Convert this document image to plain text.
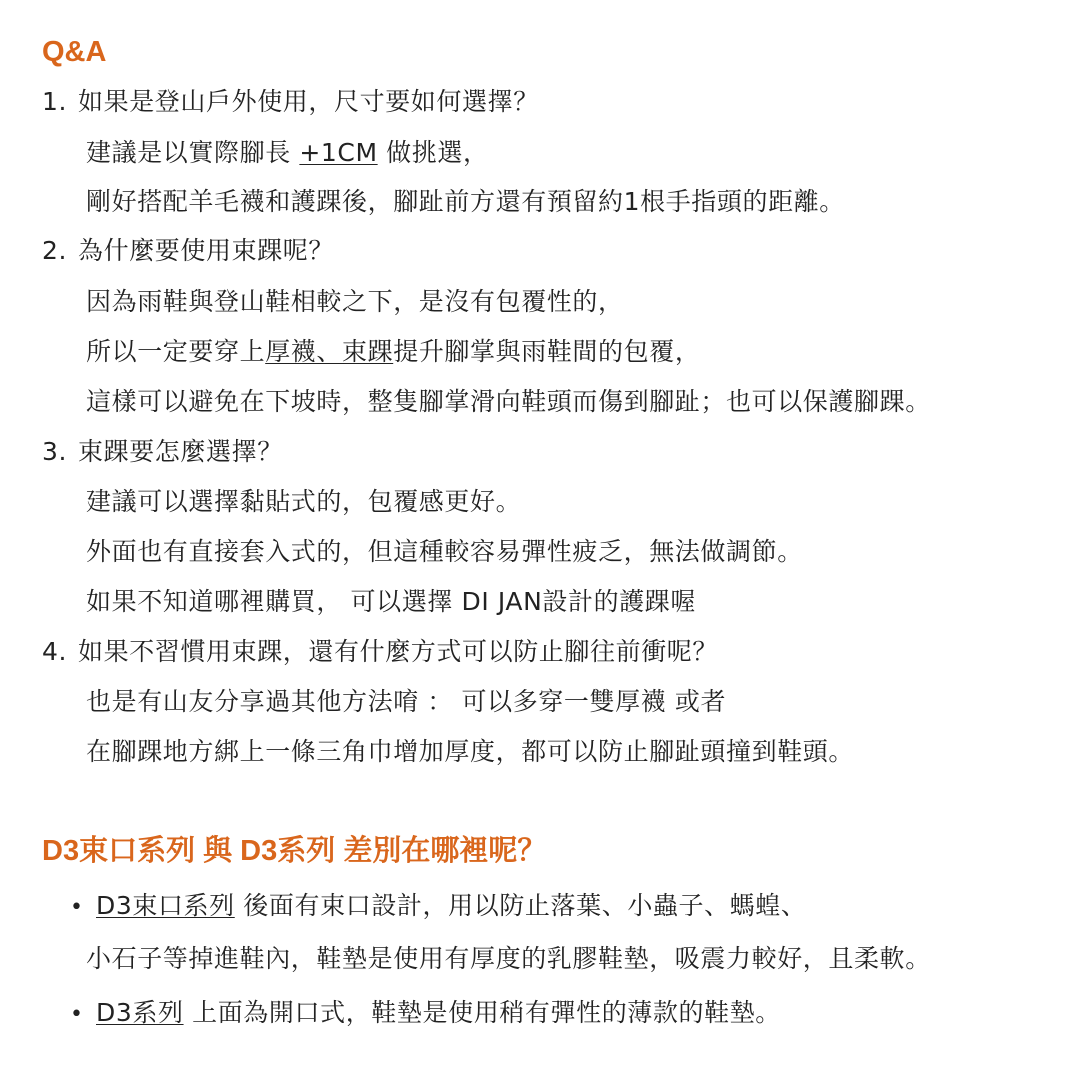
Q&A
1. 如果是登山戶外使用，尺寸要如何選擇？
建議是以實際腳長 +1CM 做挑選，
剛好搭配羊毛襪和護踝後，腳趾前方還有預留約1根手指頭的距離。
2. 為什麼要使用束踝呢？
因為雨鞋與登山鞋相較之下，是沒有包覆性的，
所以一定要穿上厚襪、束踝提升腳掌與雨鞋間的包覆，
這樣可以避免在下坡時，整隻腳掌滑向鞋頭而傷到腳趾；也可以保護腳踝。
3. 束踝要怎麼選擇？
建議可以選擇黏貼式的，包覆感更好。
外面也有直接套入式的，但這種較容易彈性疲乏，無法做調節。
如果不知道哪裡購買， 可以選擇 DI JAN設計的護踝喔
4. 如果不習慣用束踝，還有什麼方式可以防止腳往前衝呢？
也是有山友分享過其他方法唷 ： 可以多穿一雙厚襪 或者
在腳踝地方綁上一條三角巾增加厚度，都可以防止腳趾頭撞到鞋頭。
D3束口系列 與 D3系列 差別在哪裡呢？
• D3束口系列 後面有束口設計，用以防止落葉、小蟲子、螞蝗、
小石子等掉進鞋內，鞋墊是使用有厚度的乳膠鞋墊，吸震力較好，且柔軟。
• D3系列 上面為開口式，鞋墊是使用稍有彈性的薄款的鞋墊。
